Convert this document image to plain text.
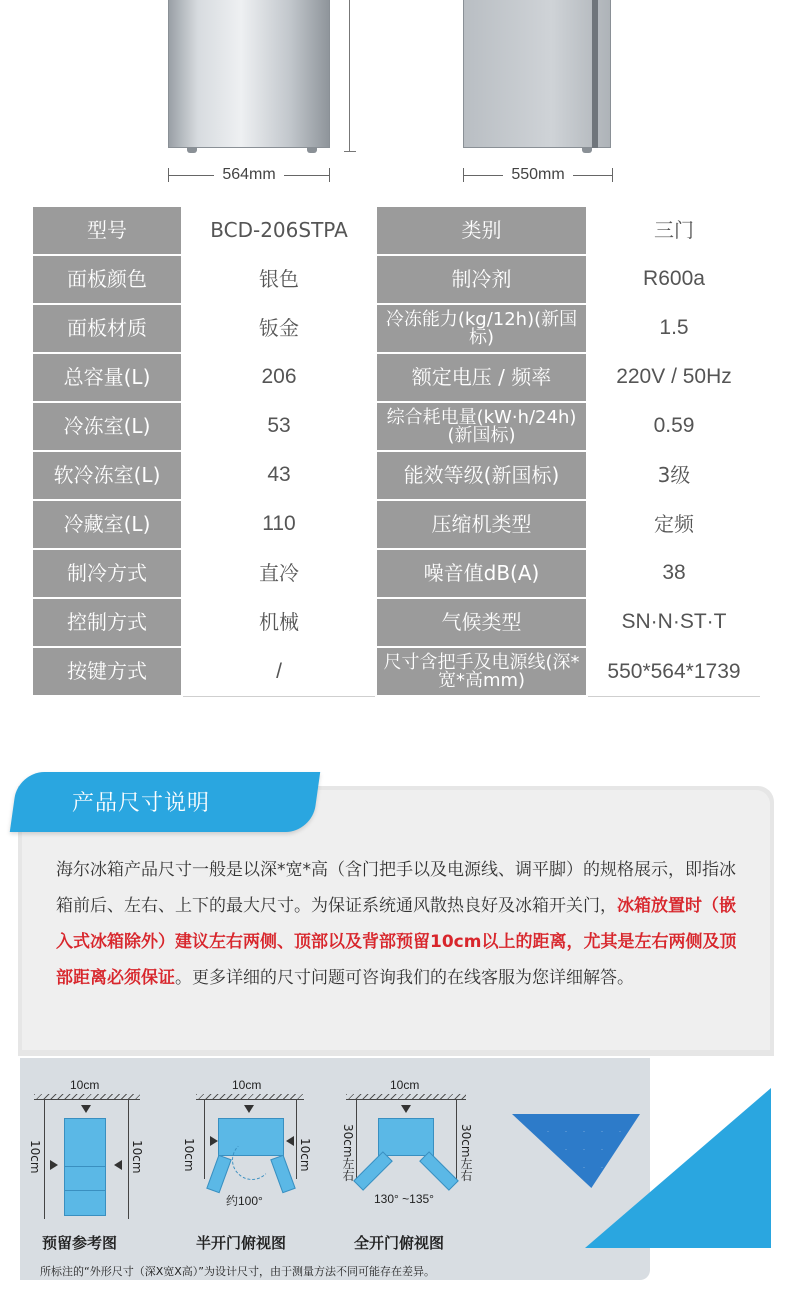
564mm	550mm
型号	BCD-206STPA	类别	三门
面板颜色	银色	制冷剂	R600a
面板材质	钣金	冷冻能力(kg/12h)(新国标)	1.5
总容量(L)	206	额定电压 / 频率	220V / 50Hz
冷冻室(L)	53	综合耗电量(kW·h/24h)(新国标)	0.59
软冷冻室(L)	43	能效等级(新国标)	3级
冷藏室(L)	110	压缩机类型	定频
制冷方式	直冷	噪音值dB(A)	38
控制方式	机械	气候类型	SN·N·ST·T
按键方式	/	尺寸含把手及电源线(深*宽*高mm)	550*564*1739
产品尺寸说明
海尔冰箱产品尺寸一般是以深*宽*高（含门把手以及电源线、调平脚）的规格展示，即指冰箱前后、左右、上下的最大尺寸。为保证系统通风散热良好及冰箱开关门，冰箱放置时（嵌入式冰箱除外）建议左右两侧、顶部以及背部预留10cm以上的距离，尤其是左右两侧及顶部距离必须保证。更多详细的尺寸问题可咨询我们的在线客服为您详细解答。
10cm
10cm	10cm
预留参考图
10cm
10cm	10cm
约100°
半开门俯视图
10cm
30cm左右	30cm左右
130° ~135°
全开门俯视图
所标注的“外形尺寸（深X宽X高）”为设计尺寸，由于测量方法不同可能存在差异。
